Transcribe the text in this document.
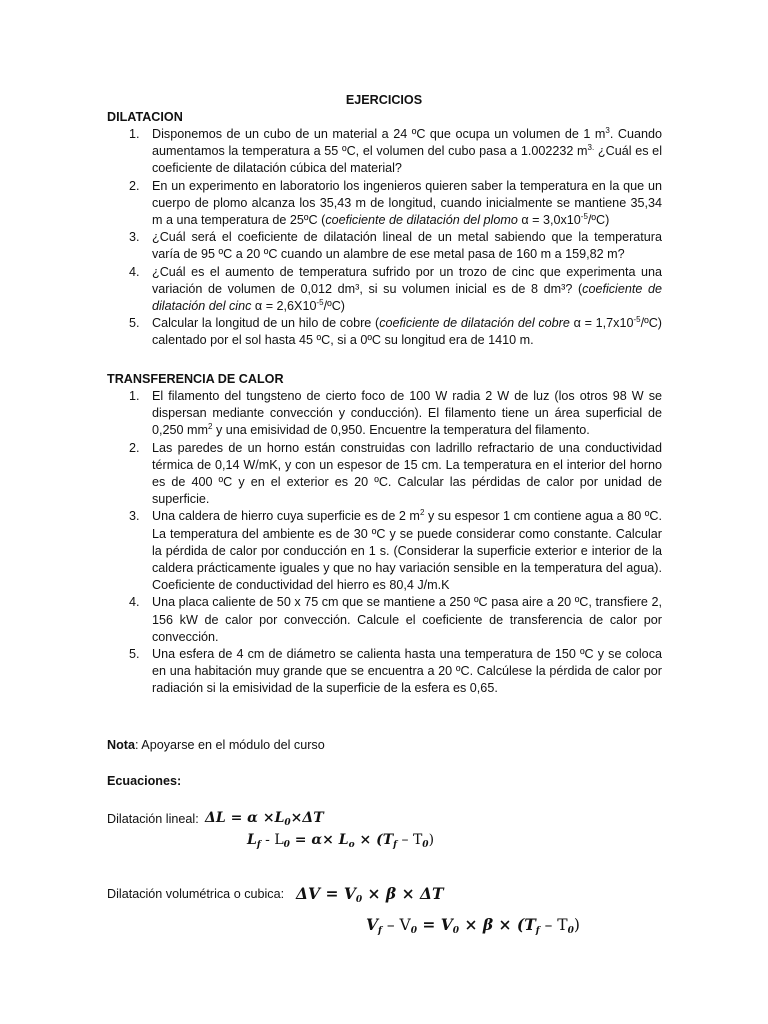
EJERCICIOS
DILATACION
1. Disponemos de un cubo de un material a 24 ºC que ocupa un volumen de 1 $m^3$. Cuando aumentamos la temperatura a 55 ºC, el volumen del cubo pasa a 1.002232 $m^{3.}$ ¿Cuál es el coeficiente de dilatación cúbica del material?
2. En un experimento en laboratorio los ingenieros quieren saber la temperatura en la que un cuerpo de plomo alcanza los 35,43 m de longitud, cuando inicialmente se mantiene 35,34 m a una temperatura de 25ºC (coeficiente de dilatación del plomo $\alpha = 3,0x10^{-5}/ºC$)
3. ¿Cuál será el coeficiente de dilatación lineal de un metal sabiendo que la temperatura varía de 95 ºC a 20 ºC cuando un alambre de ese metal pasa de 160 m a 159,82 m?
4. ¿Cuál es el aumento de temperatura sufrido por un trozo de cinc que experimenta una variación de volumen de 0,012 dm³, si su volumen inicial es de 8 dm³? (coeficiente de dilatación del cinc $\alpha = 2,6X10^{-5}/ºC$)
5. Calcular la longitud de un hilo de cobre (coeficiente de dilatación del cobre $\alpha = 1,7x10^{-5}/ºC$) calentado por el sol hasta 45 ºC, si a 0ºC su longitud era de 1410 m.
TRANSFERENCIA DE CALOR
1. El filamento del tungsteno de cierto foco de 100 W radia 2 W de luz (los otros 98 W se dispersan mediante convección y conducción). El filamento tiene un área superficial de 0,250 $mm^2$ y una emisividad de 0,950. Encuentre la temperatura del filamento.
2. Las paredes de un horno están construidas con ladrillo refractario de una conductividad térmica de 0,14 W/mK, y con un espesor de 15 cm. La temperatura en el interior del horno es de 400 ºC y en el exterior es 20 ºC. Calcular las pérdidas de calor por unidad de superficie.
3. Una caldera de hierro cuya superficie es de 2 $m^2$ y su espesor 1 cm contiene agua a 80 ºC. La temperatura del ambiente es de 30 ºC y se puede considerar como constante. Calcular la pérdida de calor por conducción en 1 s. (Considerar la superficie exterior e interior de la caldera prácticamente iguales y que no hay variación sensible en la temperatura del agua). Coeficiente de conductividad del hierro es 80,4 J/m.K
4. Una placa caliente de 50 x 75 cm que se mantiene a 250 ºC pasa aire a 20 ºC, transfiere 2, 156 kW de calor por convección. Calcule el coeficiente de transferencia de calor por convección.
5. Una esfera de 4 cm de diámetro se calienta hasta una temperatura de 150 ºC y se coloca en una habitación muy grande que se encuentra a 20 ºC. Calcúlese la pérdida de calor por radiación si la emisividad de la superficie de la esfera es 0,65.
Nota: Apoyarse en el módulo del curso
Ecuaciones:
Dilatación lineal: $\Delta L = \alpha \times L_0\times\Delta T$
$L_f - L_0 = \alpha\times L_o \times (T_f - T_0)$
Dilatación volumétrica o cubica: $\Delta V = V_0 \times \beta \times \Delta T$
$V_f - V_0 = V_0 \times \beta \times (T_f - T_0)$
